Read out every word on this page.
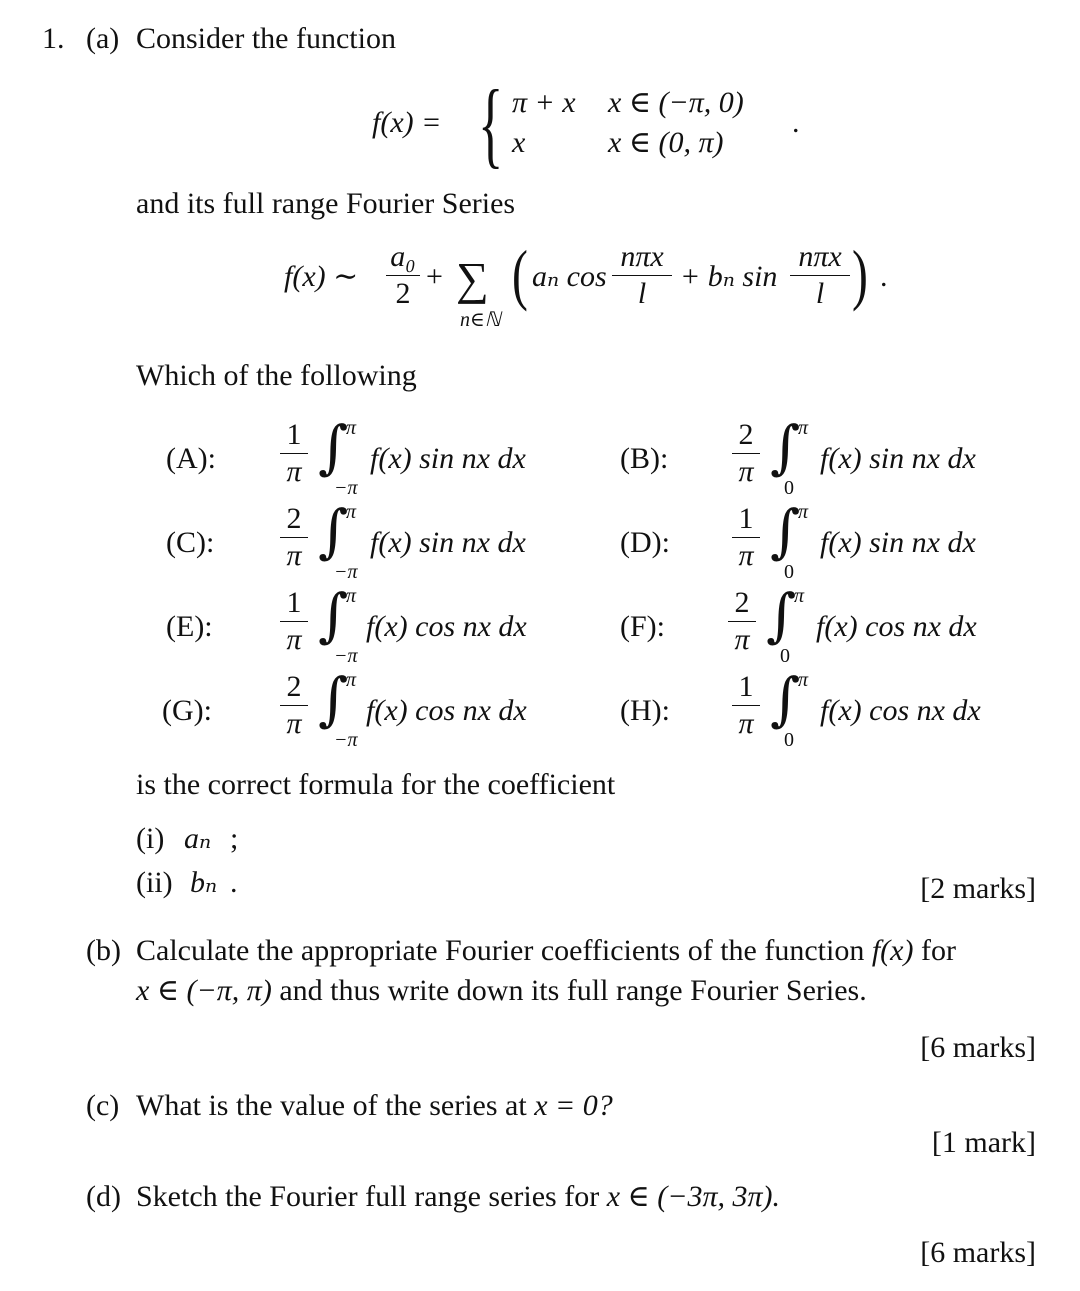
1. (a) Consider the function
f(x) = { π + x x ∈ (−π, 0)
x	x ∈ (0, π)
.
and its full range Fourier Series
f(x) ∼
a₀
2
+ ∑
n∈ℕ
( aₙ cos
nπx
l
+ bₙ sin
nπx
l ) .
Which of the following
(A):
1
π ∫
π
−π
f(x) sin nx dx	(B):
2
π ∫
π
0
f(x) sin nx dx
(C):
2
π ∫
π
−π
f(x) sin nx dx	(D):
1
π ∫
π
0
f(x) sin nx dx
(E):
1
π ∫
π
−π
f(x) cos nx dx	(F):
2
π ∫
π
0
f(x) cos nx dx
(G):
2
π ∫
π
−π
f(x) cos nx dx	(H):
1
π ∫
π
0
f(x) cos nx dx
is the correct formula for the coefficient
(i) aₙ ;
(ii) bₙ .	[2 marks]
(b) Calculate the appropriate Fourier coefficients of the function f(x) for
x ∈ (−π, π) and thus write down its full range Fourier Series.
[6 marks]
(c) What is the value of the series at x = 0?
[1 mark]
(d) Sketch the Fourier full range series for x ∈ (−3π, 3π).
[6 marks]
